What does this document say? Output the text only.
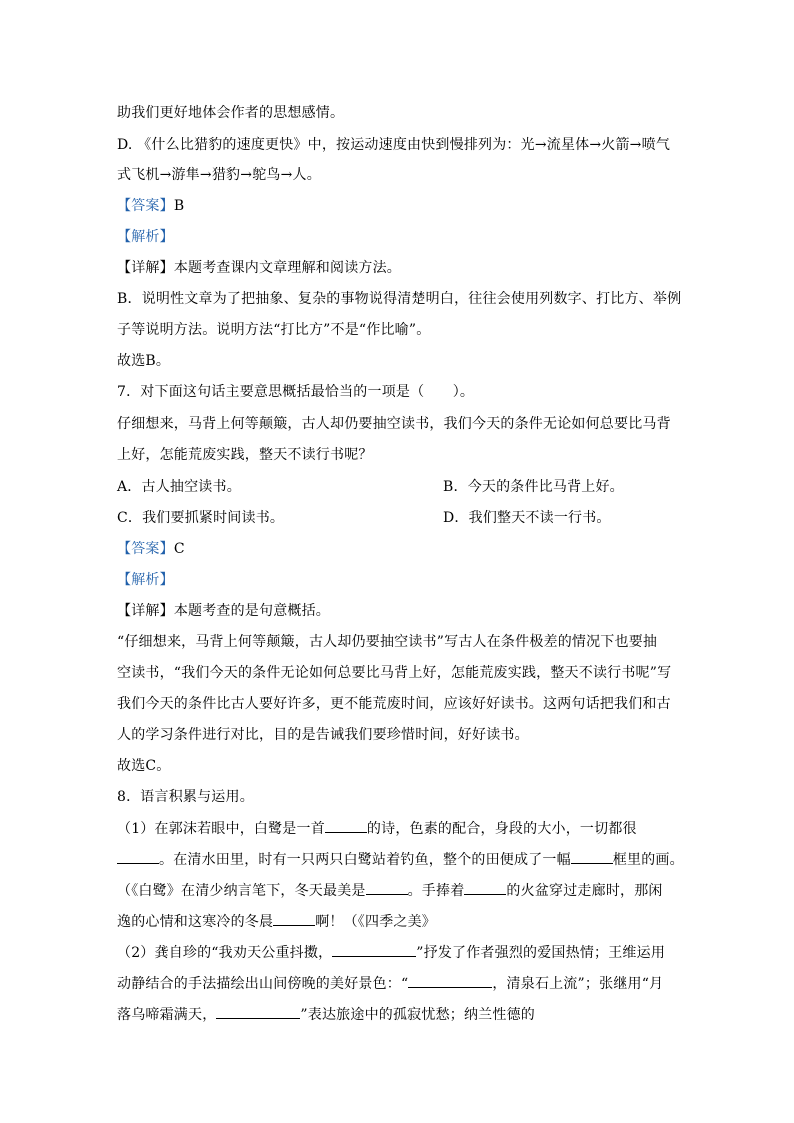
助我们更好地体会作者的思想感情。
D. 《什么比猎豹的速度更快》中，按运动速度由快到慢排列为：光→流星体→火箭→喷气
式飞机→游隼→猎豹→鸵鸟→人。
【答案】B
【解析】
【详解】本题考查课内文章理解和阅读方法。
B．说明性文章为了把抽象、复杂的事物说得清楚明白，往往会使用列数字、打比方、举例
子等说明方法。说明方法“打比方”不是“作比喻”。
故选B。
7．对下面这句话主要意思概括最恰当的一项是（　　）。
仔细想来，马背上何等颠簸，古人却仍要抽空读书，我们今天的条件无论如何总要比马背
上好，怎能荒废实践，整天不读行书呢？
A．古人抽空读书。	B．今天的条件比马背上好。
C．我们要抓紧时间读书。	D．我们整天不读一行书。
【答案】C
【解析】
【详解】本题考查的是句意概括。
“仔细想来，马背上何等颠簸，古人却仍要抽空读书”写古人在条件极差的情况下也要抽
空读书，“我们今天的条件无论如何总要比马背上好，怎能荒废实践，整天不读行书呢”写
我们今天的条件比古人要好许多，更不能荒废时间，应该好好读书。这两句话把我们和古
人的学习条件进行对比，目的是告诫我们要珍惜时间，好好读书。
故选C。
8．语言积累与运用。
（1）在郭沫若眼中，白鹭是一首	的诗，色素的配合，身段的大小，一切都很
。在清水田里，时有一只两只白鹭站着钓鱼，整个的田便成了一幅	框里的画。
（《白鹭》在清少纳言笔下，冬天最美是	。手捧着	的火盆穿过走廊时，那闲
逸的心情和这寒冷的冬晨	啊！（《四季之美》
（2）龚自珍的“我劝天公重抖擞，	”抒发了作者强烈的爱国热情；王维运用
动静结合的手法描绘出山间傍晚的美好景色：“	，清泉石上流”；张继用“月
落乌啼霜满天，	”表达旅途中的孤寂忧愁；纳兰性德的
